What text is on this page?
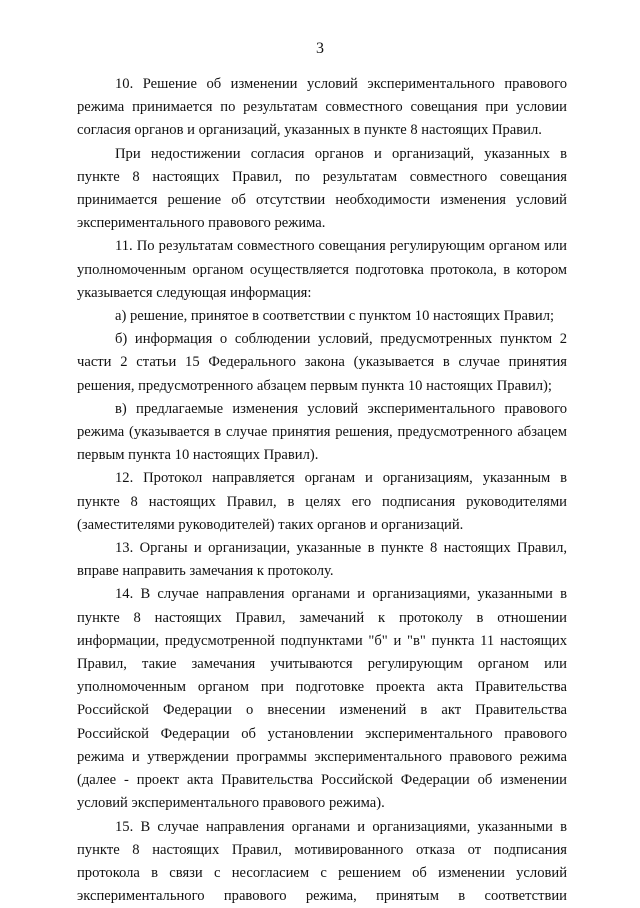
3

10. Решение об изменении условий экспериментального правового режима принимается по результатам совместного совещания при условии согласия органов и организаций, указанных в пункте 8 настоящих Правил.

При недостижении согласия органов и организаций, указанных в пункте 8 настоящих Правил, по результатам совместного совещания принимается решение об отсутствии необходимости изменения условий экспериментального правового режима.

11. По результатам совместного совещания регулирующим органом или уполномоченным органом осуществляется подготовка протокола, в котором указывается следующая информация:

а) решение, принятое в соответствии с пунктом 10 настоящих Правил;

б) информация о соблюдении условий, предусмотренных пунктом 2 части 2 статьи 15 Федерального закона (указывается в случае принятия решения, предусмотренного абзацем первым пункта 10 настоящих Правил);

в) предлагаемые изменения условий экспериментального правового режима (указывается в случае принятия решения, предусмотренного абзацем первым пункта 10 настоящих Правил).

12. Протокол направляется органам и организациям, указанным в пункте 8 настоящих Правил, в целях его подписания руководителями (заместителями руководителей) таких органов и организаций.

13. Органы и организации, указанные в пункте 8 настоящих Правил, вправе направить замечания к протоколу.

14. В случае направления органами и организациями, указанными в пункте 8 настоящих Правил, замечаний к протоколу в отношении информации, предусмотренной подпунктами "б" и "в" пункта 11 настоящих Правил, такие замечания учитываются регулирующим органом или уполномоченным органом при подготовке проекта акта Правительства Российской Федерации о внесении изменений в акт Правительства Российской Федерации об установлении экспериментального правового режима и утверждении программы экспериментального правового режима (далее - проект акта Правительства Российской Федерации об изменении условий экспериментального правового режима).

15. В случае направления органами и организациями, указанными в пункте 8 настоящих Правил, мотивированного отказа от подписания протокола в связи с несогласием с решением об изменении условий экспериментального правового режима, принятым в соответствии
